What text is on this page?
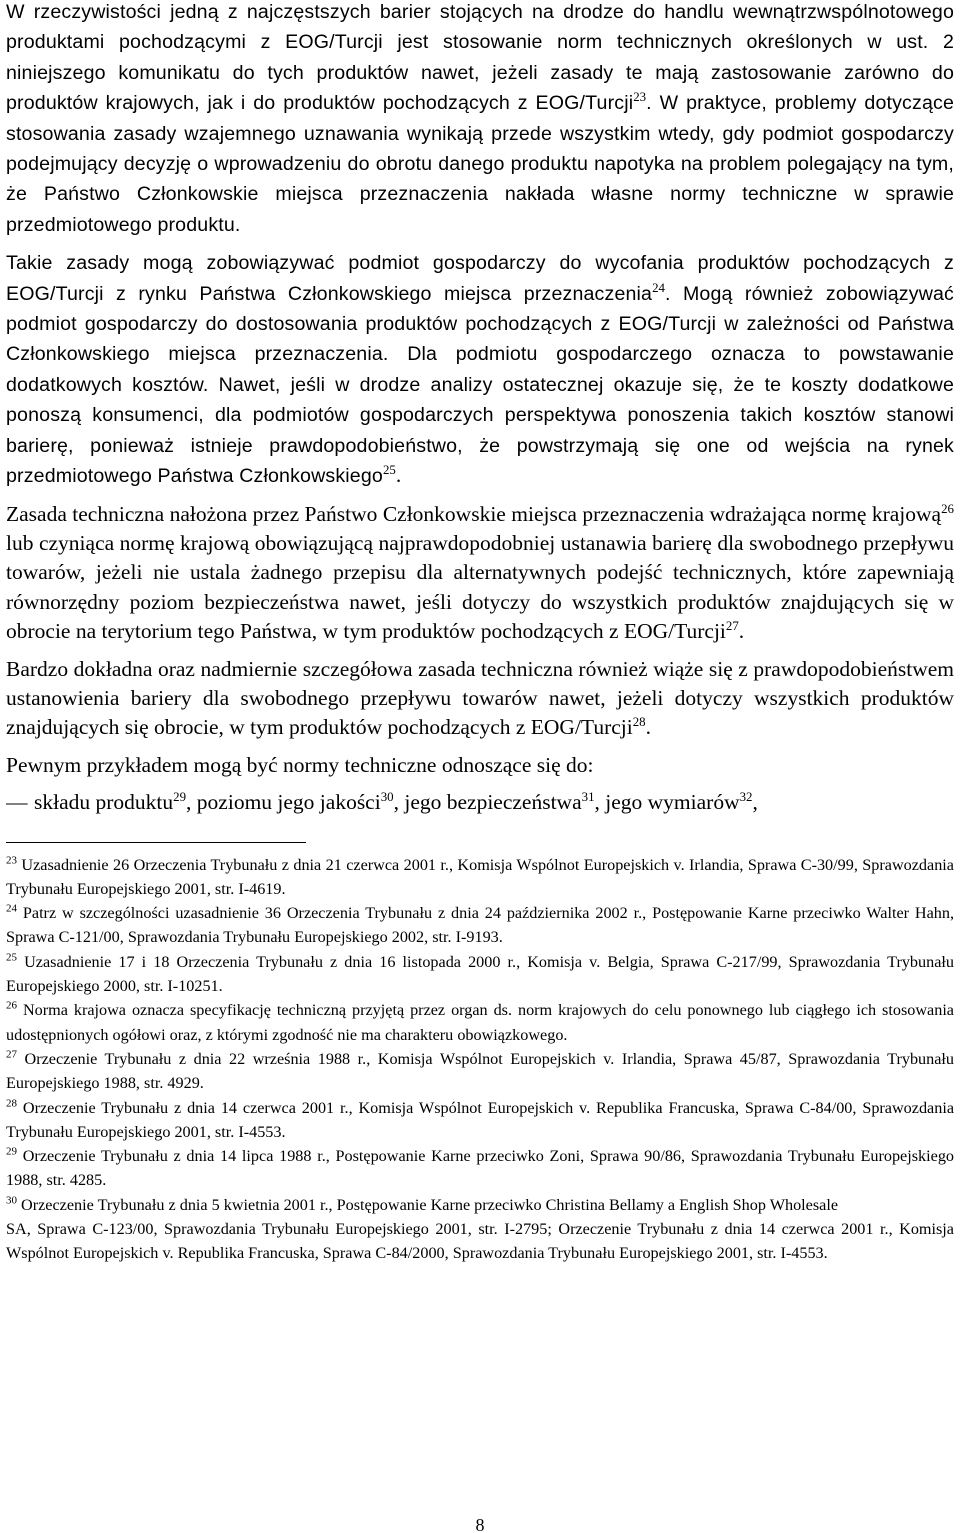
W rzeczywistości jedną z najczęstszych barier stojących na drodze do handlu wewnątrzwspólnotowego produktami pochodzącymi z EOG/Turcji jest stosowanie norm technicznych określonych w ust. 2 niniejszego komunikatu do tych produktów nawet, jeżeli zasady te mają zastosowanie zarówno do produktów krajowych, jak i do produktów pochodzących z EOG/Turcji$^{23}$. W praktyce, problemy dotyczące stosowania zasady wzajemnego uznawania wynikają przede wszystkim wtedy, gdy podmiot gospodarczy podejmujący decyzję o wprowadzeniu do obrotu danego produktu napotyka na problem polegający na tym, że Państwo Członkowskie miejsca przeznaczenia nakłada własne normy techniczne w sprawie przedmiotowego produktu.

Takie zasady mogą zobowiązywać podmiot gospodarczy do wycofania produktów pochodzących z EOG/Turcji z rynku Państwa Członkowskiego miejsca przeznaczenia$^{24}$. Mogą również zobowiązywać podmiot gospodarczy do dostosowania produktów pochodzących z EOG/Turcji w zależności od Państwa Członkowskiego miejsca przeznaczenia. Dla podmiotu gospodarczego oznacza to powstawanie dodatkowych kosztów. Nawet, jeśli w drodze analizy ostatecznej okazuje się, że te koszty dodatkowe ponoszą konsumenci, dla podmiotów gospodarczych perspektywa ponoszenia takich kosztów stanowi barierę, ponieważ istnieje prawdopodobieństwo, że powstrzymają się one od wejścia na rynek przedmiotowego Państwa Członkowskiego$^{25}$.

Zasada techniczna nałożona przez Państwo Członkowskie miejsca przeznaczenia wdrażająca normę krajową$^{26}$ lub czyniąca normę krajową obowiązującą najprawdopodobniej ustanawia barierę dla swobodnego przepływu towarów, jeżeli nie ustala żadnego przepisu dla alternatywnych podejść technicznych, które zapewniają równorzędny poziom bezpieczeństwa nawet, jeśli dotyczy do wszystkich produktów znajdujących się w obrocie na terytorium tego Państwa, w tym produktów pochodzących z EOG/Turcji$^{27}$.

Bardzo dokładna oraz nadmiernie szczegółowa zasada techniczna również wiąże się z prawdopodobieństwem ustanowienia bariery dla swobodnego przepływu towarów nawet, jeżeli dotyczy wszystkich produktów znajdujących się obrocie, w tym produktów pochodzących z EOG/Turcji$^{28}$.

Pewnym przykładem mogą być normy techniczne odnoszące się do:

— składu produktu$^{29}$, poziomu jego jakości$^{30}$, jego bezpieczeństwa$^{31}$, jego wymiarów$^{32}$,

$^{23}$ Uzasadnienie 26 Orzeczenia Trybunału z dnia 21 czerwca 2001 r., Komisja Wspólnot Europejskich v. Irlandia, Sprawa C-30/99, Sprawozdania Trybunału Europejskiego 2001, str. I-4619.

$^{24}$ Patrz w szczególności uzasadnienie 36 Orzeczenia Trybunału z dnia 24 października 2002 r., Postępowanie Karne przeciwko Walter Hahn, Sprawa C-121/00, Sprawozdania Trybunału Europejskiego 2002, str. I-9193.

$^{25}$ Uzasadnienie 17 i 18 Orzeczenia Trybunału z dnia 16 listopada 2000 r., Komisja v. Belgia, Sprawa C-217/99, Sprawozdania Trybunału Europejskiego 2000, str. I-10251.

$^{26}$ Norma krajowa oznacza specyfikację techniczną przyjętą przez organ ds. norm krajowych do celu ponownego lub ciągłego ich stosowania udostępnionych ogółowi oraz, z którymi zgodność nie ma charakteru obowiązkowego.

$^{27}$ Orzeczenie Trybunału z dnia 22 września 1988 r., Komisja Wspólnot Europejskich v. Irlandia, Sprawa 45/87, Sprawozdania Trybunału Europejskiego 1988, str. 4929.

$^{28}$ Orzeczenie Trybunału z dnia 14 czerwca 2001 r., Komisja Wspólnot Europejskich v. Republika Francuska, Sprawa C-84/00, Sprawozdania Trybunału Europejskiego 2001, str. I-4553.

$^{29}$ Orzeczenie Trybunału z dnia 14 lipca 1988 r., Postępowanie Karne przeciwko Zoni, Sprawa 90/86, Sprawozdania Trybunału Europejskiego 1988, str. 4285.

$^{30}$ Orzeczenie Trybunału z dnia 5 kwietnia 2001 r., Postępowanie Karne przeciwko Christina Bellamy a English Shop Wholesale

SA, Sprawa C-123/00, Sprawozdania Trybunału Europejskiego 2001, str. I-2795; Orzeczenie Trybunału z dnia 14 czerwca 2001 r., Komisja Wspólnot Europejskich v. Republika Francuska, Sprawa C-84/2000, Sprawozdania Trybunału Europejskiego 2001, str. I-4553.

8
